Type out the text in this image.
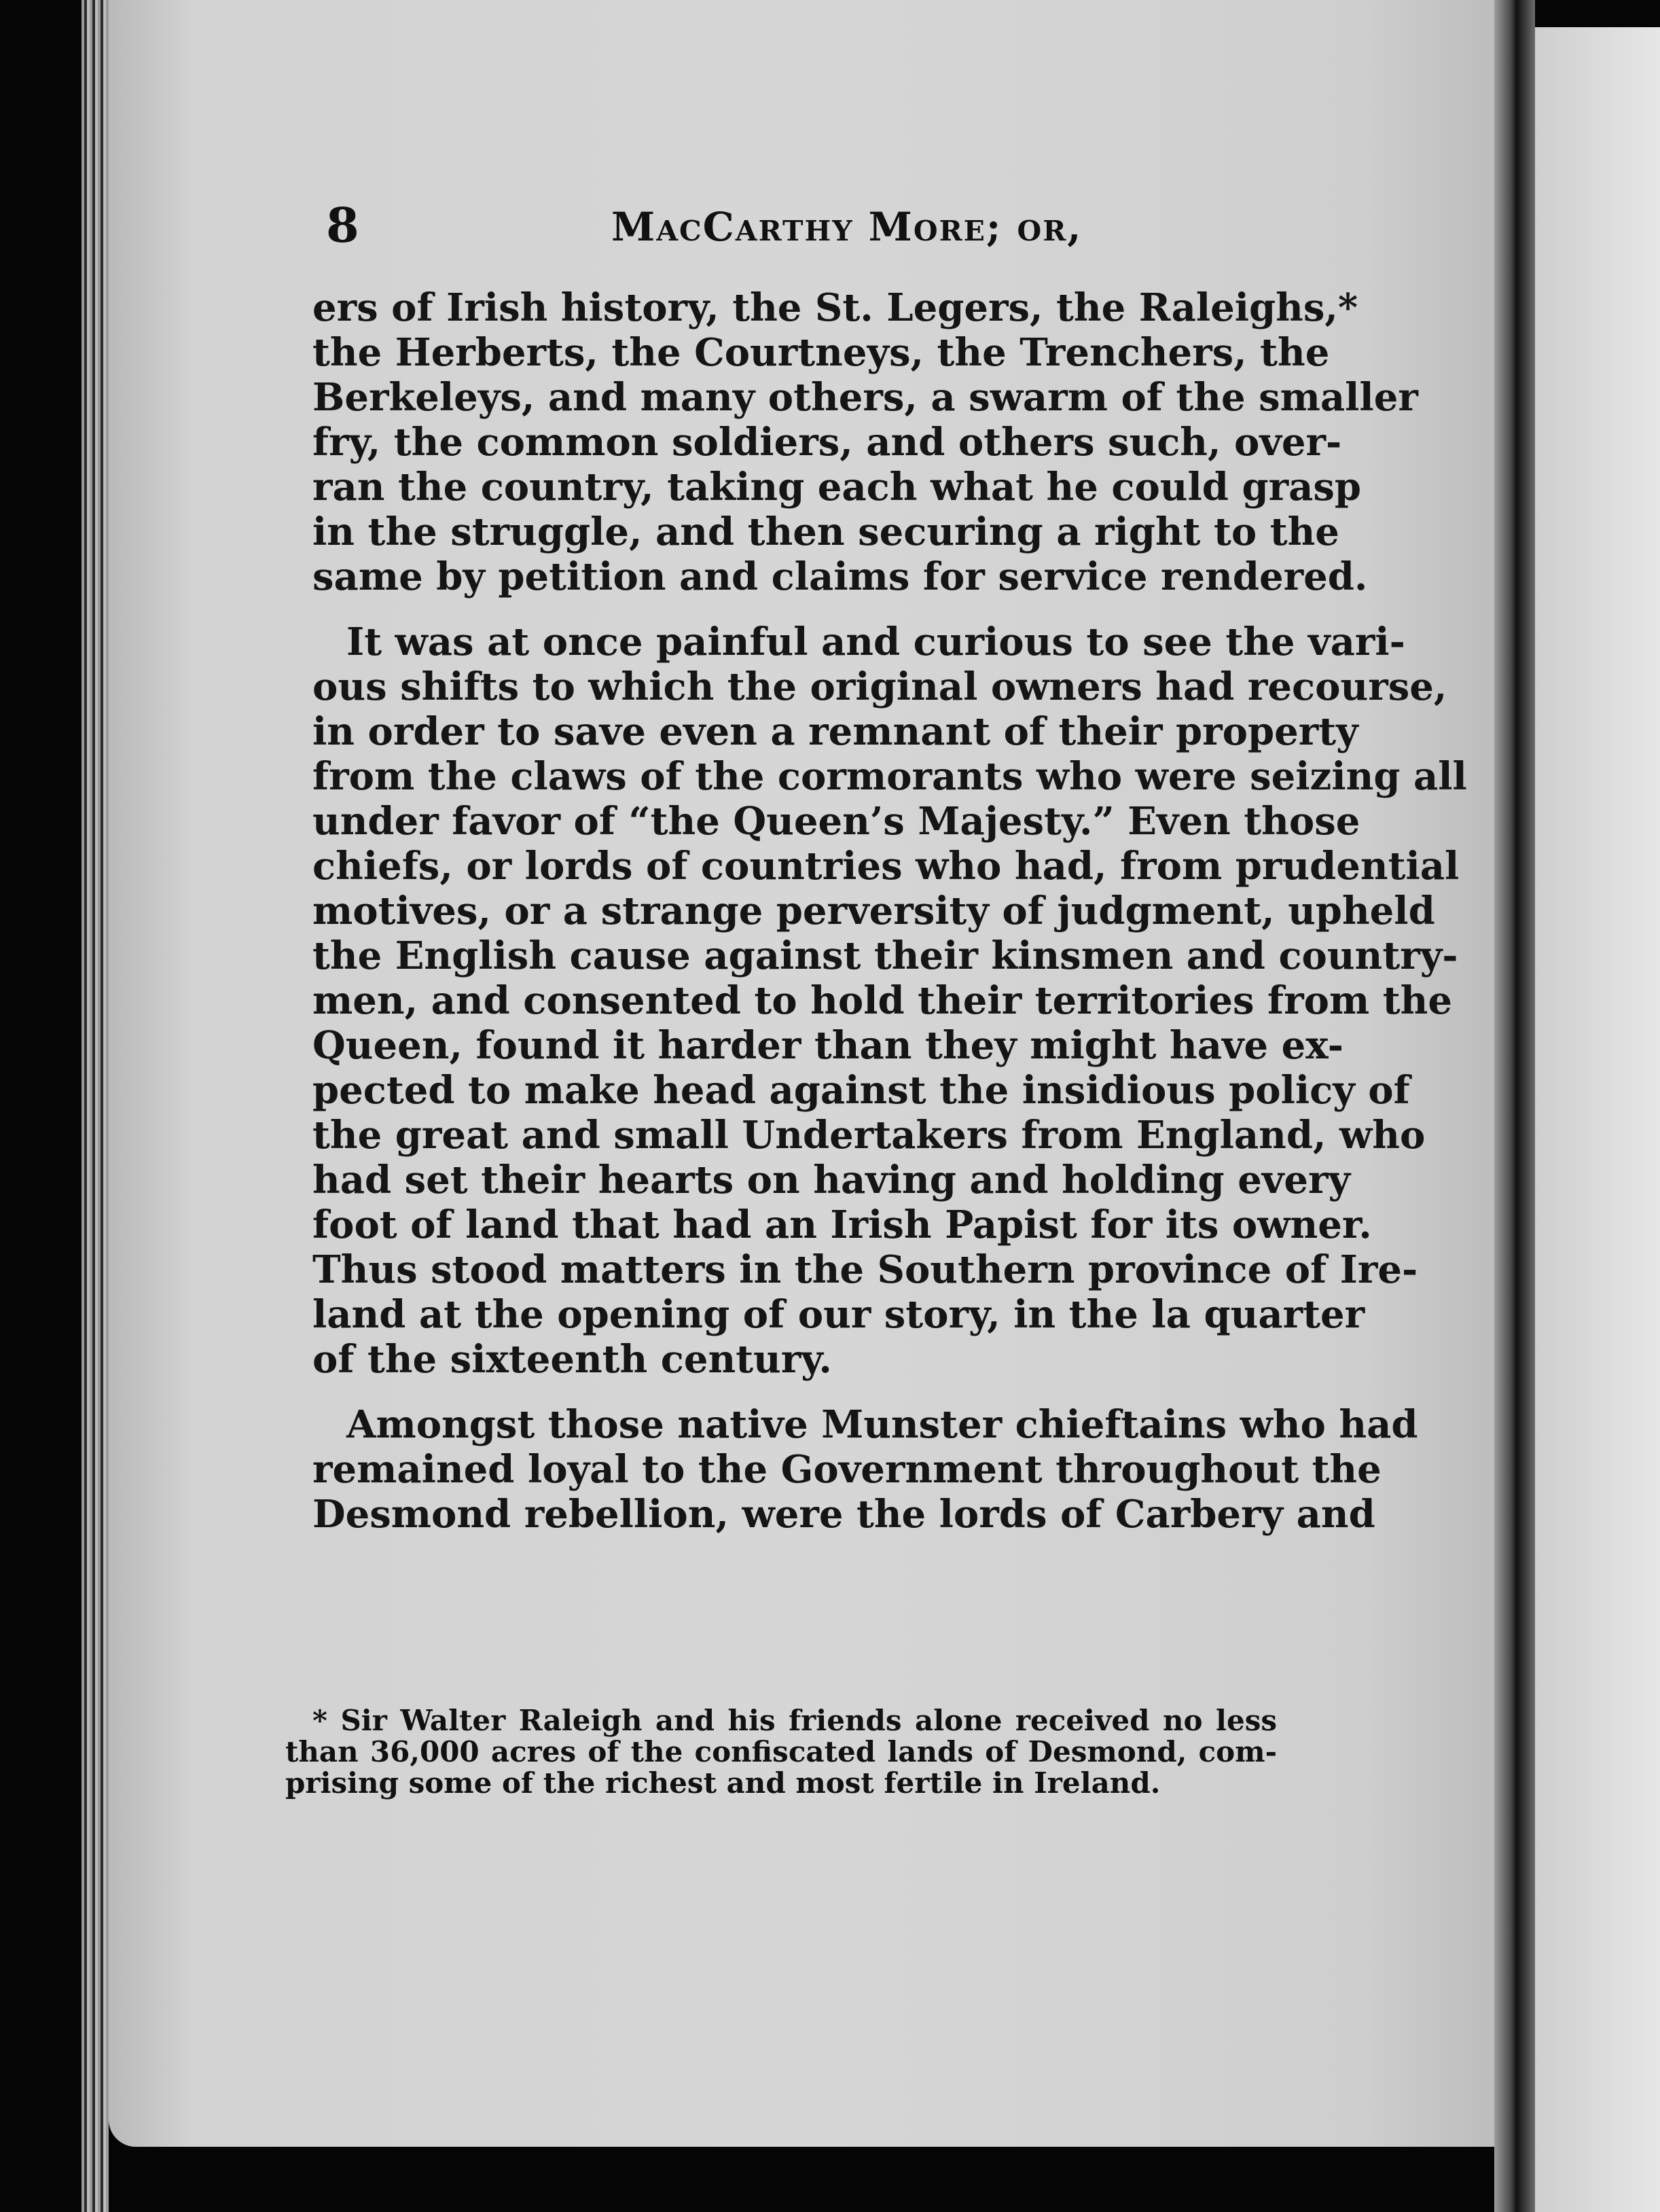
8	MacCarthy More; or,
ers of Irish history, the St. Legers, the Raleighs,*
the Herberts, the Courtneys, the Trenchers, the
Berkeleys, and many others, a swarm of the smaller
fry, the common soldiers, and others such, over-
ran the country, taking each what he could grasp
in the struggle, and then securing a right to the
same by petition and claims for service rendered.
It was at once painful and curious to see the vari-
ous shifts to which the original owners had recourse,
in order to save even a remnant of their property
from the claws of the cormorants who were seizing all
under favor of “the Queen’s Majesty.” Even those
chiefs, or lords of countries who had, from prudential
motives, or a strange perversity of judgment, upheld
the English cause against their kinsmen and country-
men, and consented to hold their territories from the
Queen, found it harder than they might have ex-
pected to make head against the insidious policy of
the great and small Undertakers from England, who
had set their hearts on having and holding every
foot of land that had an Irish Papist for its owner.
Thus stood matters in the Southern province of Ire-
land at the opening of our story, in the la quarter
of the sixteenth century.
Amongst those native Munster chieftains who had
remained loyal to the Government throughout the
Desmond rebellion, were the lords of Carbery and
* Sir Walter Raleigh and his friends alone received no less
than 36,000 acres of the confiscated lands of Desmond, com-
prising some of the richest and most fertile in Ireland.
